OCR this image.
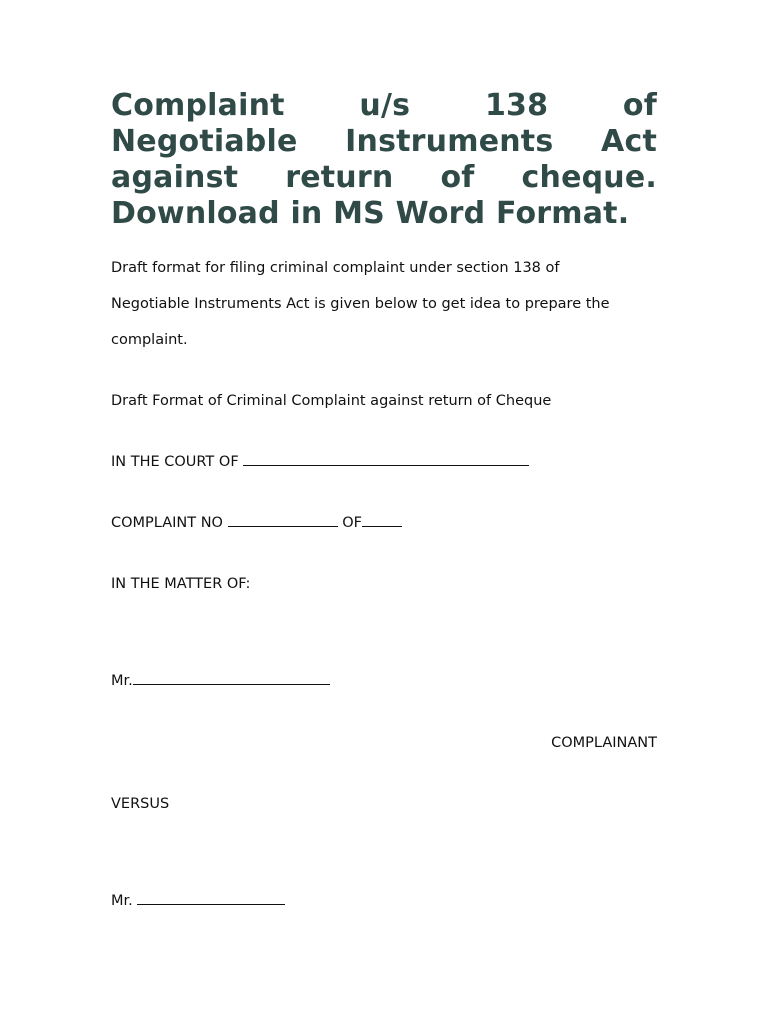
Complaint u/s 138 of
Negotiable Instruments Act
against return of cheque.
Download in MS Word Format.
Draft format for filing criminal complaint under section 138 of
Negotiable Instruments Act is given below to get idea to prepare the
complaint.
Draft Format of Criminal Complaint against return of Cheque
IN THE COURT OF
COMPLAINT NO	OF
IN THE MATTER OF:
Mr.
COMPLAINANT
VERSUS
Mr.
